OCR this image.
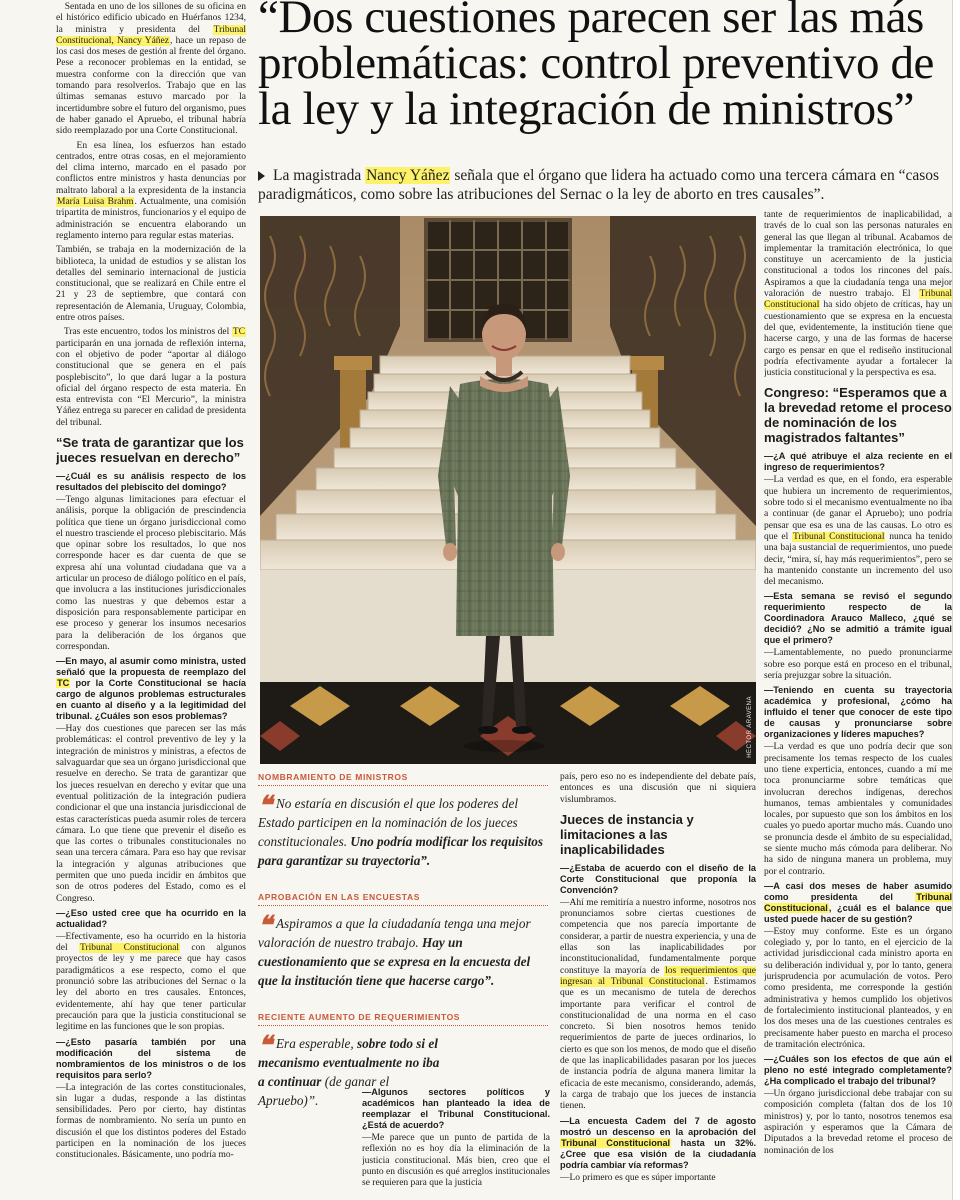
Sentada en uno de los sillones de su oficina en el histórico edificio ubicado en Huérfanos 1234, la ministra y presidenta del Tribunal Constitucional, Nancy Yáñez, hace un repaso de los casi dos meses de gestión al frente del órgano. Pese a reconocer problemas en la entidad, se muestra conforme con la dirección que van tomando para resolverlos. Trabajo que en las últimas semanas estuvo marcado por la incertidumbre sobre el futuro del organismo, pues de haber ganado el Apruebo, el tribunal habría sido reemplazado por una Corte Constitucional.

En esa línea, los esfuerzos han estado centrados, entre otras cosas, en el mejoramiento del clima interno, marcado en el pasado por conflictos entre ministros y hasta denuncias por maltrato laboral a la expresidenta de la instancia María Luisa Brahm. Actualmente, una comisión tripartita de ministros, funcionarios y el equipo de administración se encuentra elaborando un reglamento interno para regular estas materias.

También, se trabaja en la modernización de la biblioteca, la unidad de estudios y se alistan los detalles del seminario internacional de justicia constitucional, que se realizará en Chile entre el 21 y 23 de septiembre, que contará con representación de Alemania, Uruguay, Colombia, entre otros países.

Tras este encuentro, todos los ministros del TC participarán en una jornada de reflexión interna, con el objetivo de poder “aportar al diálogo constitucional que se genera en el país posplebiscito”, lo que dará lugar a la postura oficial del órgano respecto de esta materia. En esta entrevista con “El Mercurio”, la ministra Yáñez entrega su parecer en calidad de presidenta del tribunal.

“Se trata de garantizar que los jueces resuelvan en derecho”

—¿Cuál es su análisis respecto de los resultados del plebiscito del domingo?

—Tengo algunas limitaciones para efectuar el análisis, porque la obligación de prescindencia política que tiene un órgano jurisdiccional como el nuestro trasciende el proceso plebiscitario. Más que opinar sobre los resultados, lo que nos corresponde hacer es dar cuenta de que se expresa ahí una voluntad ciudadana que va a articular un proceso de diálogo político en el país, que involucra a las instituciones jurisdiccionales como las nuestras y que debemos estar a disposición para responsablemente participar en ese proceso y generar los insumos necesarios para la deliberación de los órganos que correspondan.

—En mayo, al asumir como ministra, usted señaló que la propuesta de reemplazo del TC por la Corte Constitucional se hacía cargo de algunos problemas estructurales en cuanto al diseño y a la legitimidad del tribunal. ¿Cuáles son esos problemas?

—Hay dos cuestiones que parecen ser las más problemáticas: el control preventivo de ley y la integración de ministros y ministras, a efectos de salvaguardar que sea un órgano jurisdiccional que resuelve en derecho. Se trata de garantizar que los jueces resuelvan en derecho y evitar que una eventual politización de la integración pudiera condicionar el que una instancia jurisdiccional de estas características pueda asumir roles de tercera cámara. Lo que tiene que prevenir el diseño es que las cortes o tribunales constitucionales no sean una tercera cámara. Para eso hay que revisar la integración y algunas atribuciones que permiten que uno pueda incidir en ámbitos que son de otros poderes del Estado, como es el Congreso.

—¿Eso usted cree que ha ocurrido en la actualidad?

—Efectivamente, eso ha ocurrido en la historia del Tribunal Constitucional con algunos proyectos de ley y me parece que hay casos paradigmáticos a ese respecto, como el que pronunció sobre las atribuciones del Sernac o la ley del aborto en tres causales. Entonces, evidentemente, ahí hay que tener particular precaución para que la justicia constitucional se legitime en las funciones que le son propias.

—¿Esto pasaría también por una modificación del sistema de nombramientos de los ministros o de los requisitos para serlo?

—La integración de las cortes constitucionales, sin lugar a dudas, responde a las distintas sensibilidades. Pero por cierto, hay distintas formas de nombramiento. No sería un punto en discusión el que los distintos poderes del Estado participen en la nominación de los jueces constitucionales. Básicamente, uno podría mo-

“Dos cuestiones parecen ser las más problemáticas: control preventivo de la ley y la integración de ministros”

La magistrada Nancy Yáñez señala que el órgano que lidera ha actuado como una tercera cámara en “casos paradigmáticos, como sobre las atribuciones del Sernac o la ley de aborto en tres causales”.

HÉCTOR ARAVENA

tante de requerimientos de inaplicabilidad, a través de lo cual son las personas naturales en general las que llegan al tribunal. Acabamos de implementar la tramitación electrónica, lo que constituye un acercamiento de la justicia constitucional a todos los rincones del país. Aspiramos a que la ciudadanía tenga una mejor valoración de nuestro trabajo. El Tribunal Constitucional ha sido objeto de críticas, hay un cuestionamiento que se expresa en la encuesta del que, evidentemente, la institución tiene que hacerse cargo, y una de las formas de hacerse cargo es pensar en que el rediseño institucional podría efectivamente ayudar a fortalecer la justicia constitucional y la perspectiva es esa.

Congreso: “Esperamos que a la brevedad retome el proceso de nominación de los magistrados faltantes”

—¿A qué atribuye el alza reciente en el ingreso de requerimientos?

—La verdad es que, en el fondo, era esperable que hubiera un incremento de requerimientos, sobre todo si el mecanismo eventualmente no iba a continuar (de ganar el Apruebo); uno podría pensar que esa es una de las causas. Lo otro es que el Tribunal Constitucional nunca ha tenido una baja sustancial de requerimientos, uno puede decir, “mira, sí, hay más requerimientos”, pero se ha mantenido constante un incremento del uso del mecanismo.

—Esta semana se revisó el segundo requerimiento respecto de la Coordinadora Arauco Malleco, ¿qué se decidió? ¿No se admitió a trámite igual que el primero?

—Lamentablemente, no puedo pronunciarme sobre eso porque está en proceso en el tribunal, sería prejuzgar sobre la situación.

—Teniendo en cuenta su trayectoria académica y profesional, ¿cómo ha influido el tener que conocer de este tipo de causas y pronunciarse sobre organizaciones y líderes mapuches?

—La verdad es que uno podría decir que son precisamente los temas respecto de los cuales uno tiene experticia, entonces, cuando a mí me toca pronunciarme sobre temáticas que involucran derechos indígenas, derechos humanos, temas ambientales y comunidades locales, por supuesto que son los ámbitos en los cuales yo puedo aportar mucho más. Cuando uno se pronuncia desde el ámbito de su especialidad, se siente mucho más cómoda para deliberar. No ha sido de ninguna manera un problema, muy por el contrario.

—A casi dos meses de haber asumido como presidenta del Tribunal Constitucional, ¿cuál es el balance que usted puede hacer de su gestión?

—Estoy muy conforme. Este es un órgano colegiado y, por lo tanto, en el ejercicio de la actividad jurisdiccional cada ministro aporta en su deliberación individual y, por lo tanto, genera jurisprudencia por acumulación de votos. Pero como presidenta, me corresponde la gestión administrativa y hemos cumplido los objetivos de fortalecimiento institucional planteados, y en los dos meses una de las cuestiones centrales es precisamente haber puesto en marcha el proceso de tramitación electrónica.

—¿Cuáles son los efectos de que aún el pleno no esté integrado completamente? ¿Ha complicado el trabajo del tribunal?

—Un órgano jurisdiccional debe trabajar con su composición completa (faltan dos de los 10 ministros) y, por lo tanto, nosotros tenemos esa aspiración y esperamos que la Cámara de Diputados a la brevedad retome el proceso de nominación de los

NOMBRAMIENTO DE MINISTROS

❝ No estaría en discusión el que los poderes del Estado participen en la nominación de los jueces constitucionales. Uno podría modificar los requisitos para garantizar su trayectoria”.

APROBACIÓN EN LAS ENCUESTAS

❝ Aspiramos a que la ciudadanía tenga una mejor valoración de nuestro trabajo. Hay un cuestionamiento que se expresa en la encuesta del que la institución tiene que hacerse cargo”.

RECIENTE AUMENTO DE REQUERIMIENTOS

❝ Era esperable, sobre todo si el mecanismo eventualmente no iba a continuar (de ganar el Apruebo)”.

—Algunos sectores políticos y académicos han planteado la idea de reemplazar el Tribunal Constitucional. ¿Está de acuerdo?

—Me parece que un punto de partida de la reflexión no es hoy día la eliminación de la justicia constitucional. Más bien, creo que el punto en discusión es qué arreglos institucionales se requieren para que la justicia

país, pero eso no es independiente del debate país, entonces es una discusión que ni siquiera vislumbramos.

Jueces de instancia y limitaciones a las inaplicabilidades

—¿Estaba de acuerdo con el diseño de la Corte Constitucional que proponía la Convención?

—Ahí me remitiría a nuestro informe, nosotros nos pronunciamos sobre ciertas cuestiones de competencia que nos parecía importante de considerar, a partir de nuestra experiencia, y una de ellas son las inaplicabilidades por inconstitucionalidad, fundamentalmente porque constituye la mayoría de los requerimientos que ingresan al Tribunal Constitucional. Estimamos que es un mecanismo de tutela de derechos importante para verificar el control de constitucionalidad de una norma en el caso concreto. Si bien nosotros hemos tenido requerimientos de parte de jueces ordinarios, lo cierto es que son los menos, de modo que el diseño de que las inaplicabilidades pasaran por los jueces de instancia podría de alguna manera limitar la eficacia de este mecanismo, considerando, además, la carga de trabajo que los jueces de instancia tienen.

—La encuesta Cadem del 7 de agosto mostró un descenso en la aprobación del Tribunal Constitucional hasta un 32%. ¿Cree que esa visión de la ciudadanía podría cambiar vía reformas?

—Lo primero es que es súper importante
